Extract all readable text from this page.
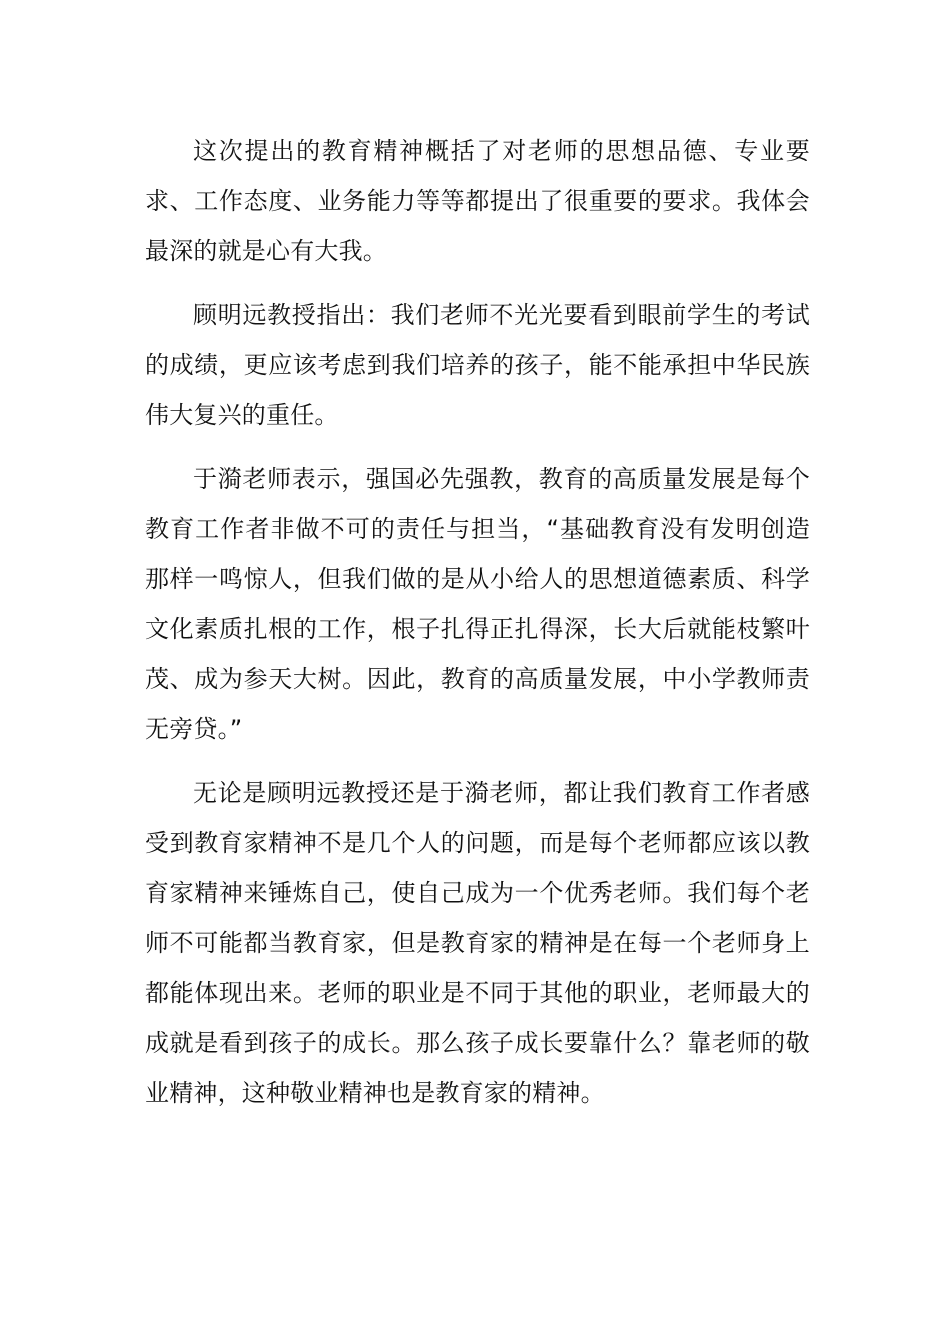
这次提出的教育精神概括了对老师的思想品德、专业要求、工作态度、业务能力等等都提出了很重要的要求。我体会最深的就是心有大我。

顾明远教授指出：我们老师不光光要看到眼前学生的考试的成绩，更应该考虑到我们培养的孩子，能不能承担中华民族伟大复兴的重任。

于漪老师表示，强国必先强教，教育的高质量发展是每个教育工作者非做不可的责任与担当，“基础教育没有发明创造那样一鸣惊人，但我们做的是从小给人的思想道德素质、科学文化素质扎根的工作，根子扎得正扎得深，长大后就能枝繁叶茂、成为参天大树。因此，教育的高质量发展，中小学教师责无旁贷。”

无论是顾明远教授还是于漪老师，都让我们教育工作者感受到教育家精神不是几个人的问题，而是每个老师都应该以教育家精神来锤炼自己，使自己成为一个优秀老师。我们每个老师不可能都当教育家，但是教育家的精神是在每一个老师身上都能体现出来。老师的职业是不同于其他的职业，老师最大的成就是看到孩子的成长。那么孩子成长要靠什么？靠老师的敬业精神，这种敬业精神也是教育家的精神。
